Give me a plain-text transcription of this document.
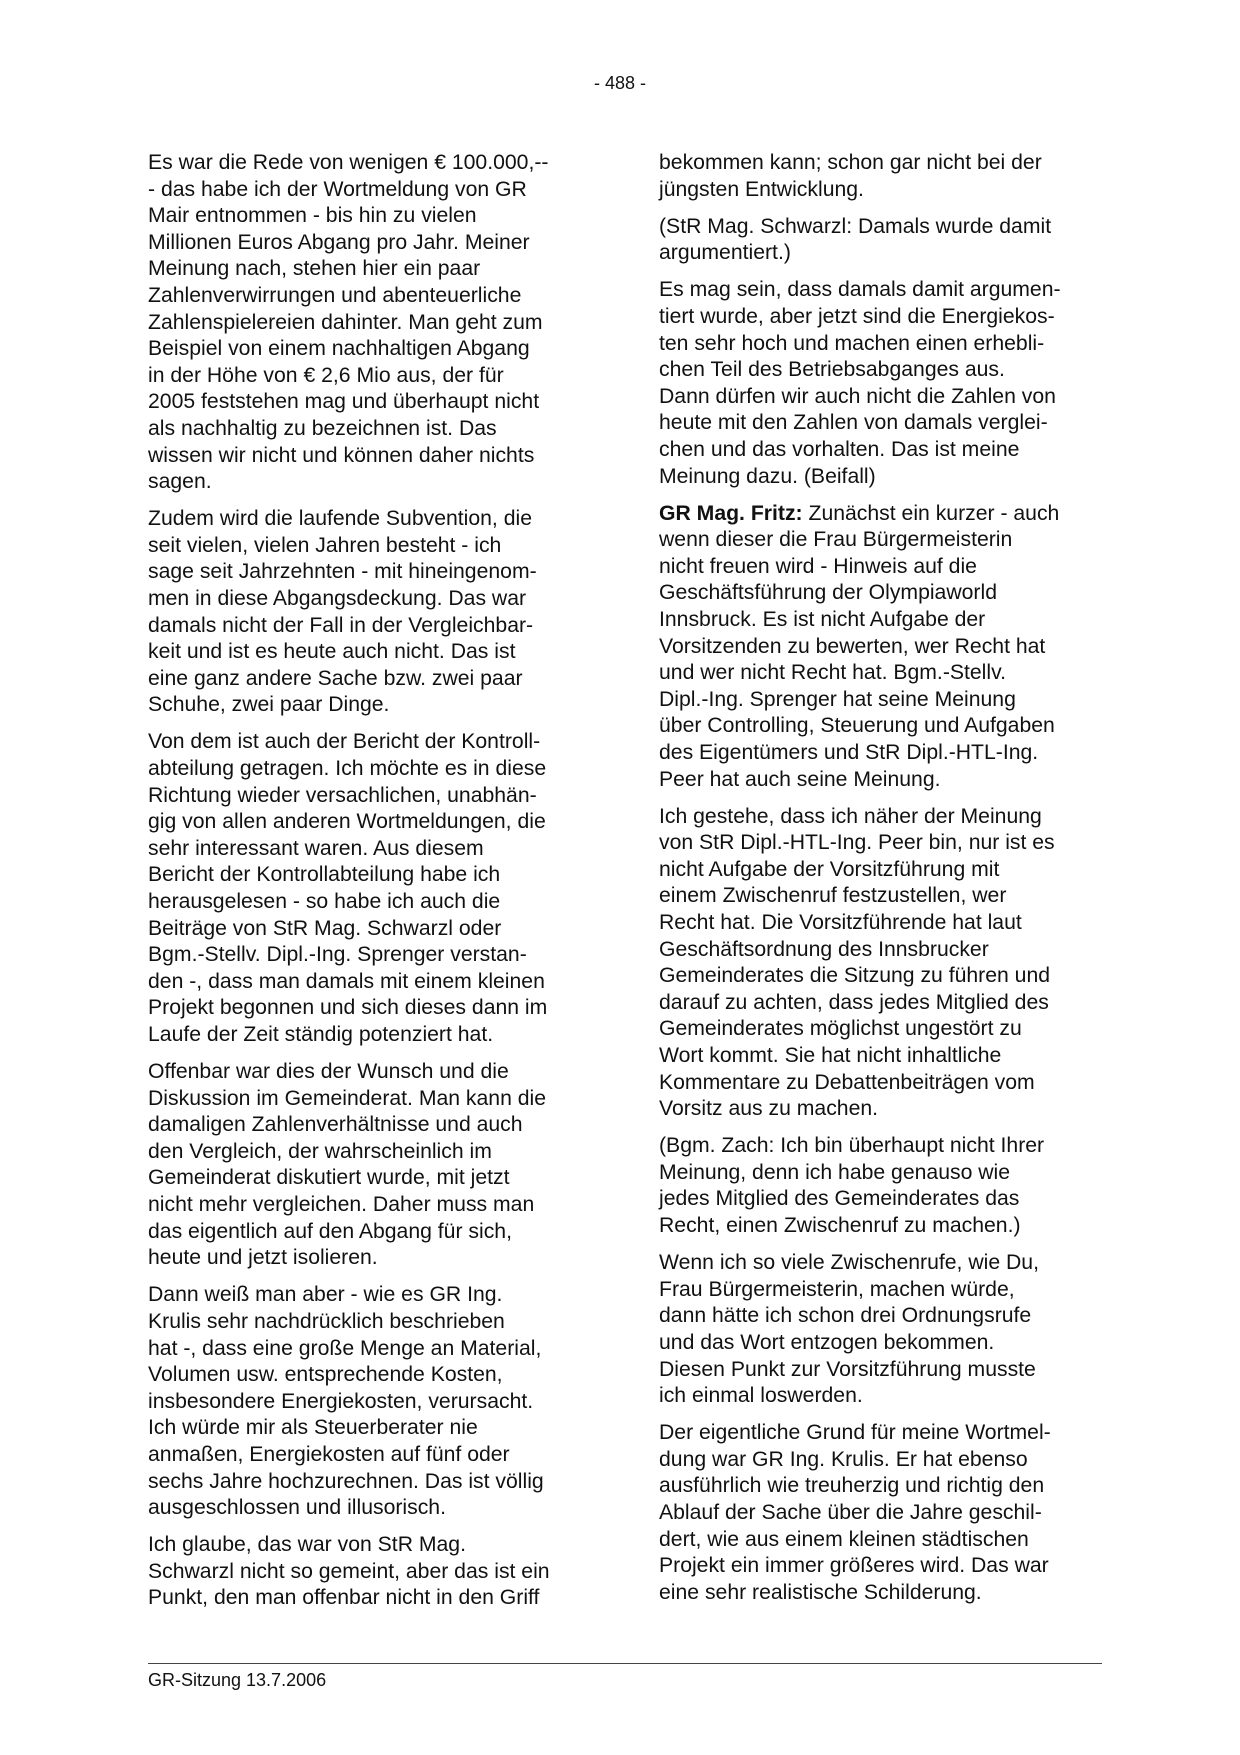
- 488 -

Es war die Rede von wenigen € 100.000,--
- das habe ich der Wortmeldung von GR
Mair entnommen - bis hin zu vielen
Millionen Euros Abgang pro Jahr. Meiner
Meinung nach, stehen hier ein paar
Zahlenverwirrungen und abenteuerliche
Zahlenspielereien dahinter. Man geht zum
Beispiel von einem nachhaltigen Abgang
in der Höhe von € 2,6 Mio aus, der für
2005 feststehen mag und überhaupt nicht
als nachhaltig zu bezeichnen ist. Das
wissen wir nicht und können daher nichts
sagen.

Zudem wird die laufende Subvention, die
seit vielen, vielen Jahren besteht - ich
sage seit Jahrzehnten - mit hineingenom-
men in diese Abgangsdeckung. Das war
damals nicht der Fall in der Vergleichbar-
keit und ist es heute auch nicht. Das ist
eine ganz andere Sache bzw. zwei paar
Schuhe, zwei paar Dinge.

Von dem ist auch der Bericht der Kontroll-
abteilung getragen. Ich möchte es in diese
Richtung wieder versachlichen, unabhän-
gig von allen anderen Wortmeldungen, die
sehr interessant waren. Aus diesem
Bericht der Kontrollabteilung habe ich
herausgelesen - so habe ich auch die
Beiträge von StR Mag. Schwarzl oder
Bgm.-Stellv. Dipl.-Ing. Sprenger verstan-
den -, dass man damals mit einem kleinen
Projekt begonnen und sich dieses dann im
Laufe der Zeit ständig potenziert hat.

Offenbar war dies der Wunsch und die
Diskussion im Gemeinderat. Man kann die
damaligen Zahlenverhältnisse und auch
den Vergleich, der wahrscheinlich im
Gemeinderat diskutiert wurde, mit jetzt
nicht mehr vergleichen. Daher muss man
das eigentlich auf den Abgang für sich,
heute und jetzt isolieren.

Dann weiß man aber - wie es GR Ing.
Krulis sehr nachdrücklich beschrieben
hat -, dass eine große Menge an Material,
Volumen usw. entsprechende Kosten,
insbesondere Energiekosten, verursacht.
Ich würde mir als Steuerberater nie
anmaßen, Energiekosten auf fünf oder
sechs Jahre hochzurechnen. Das ist völlig
ausgeschlossen und illusorisch.

Ich glaube, das war von StR Mag.
Schwarzl nicht so gemeint, aber das ist ein
Punkt, den man offenbar nicht in den Griff

bekommen kann; schon gar nicht bei der
jüngsten Entwicklung.

(StR Mag. Schwarzl: Damals wurde damit
argumentiert.)

Es mag sein, dass damals damit argumen-
tiert wurde, aber jetzt sind die Energiekos-
ten sehr hoch und machen einen erhebli-
chen Teil des Betriebsabganges aus.
Dann dürfen wir auch nicht die Zahlen von
heute mit den Zahlen von damals verglei-
chen und das vorhalten. Das ist meine
Meinung dazu. (Beifall)

GR Mag. Fritz: Zunächst ein kurzer - auch
wenn dieser die Frau Bürgermeisterin
nicht freuen wird - Hinweis auf die
Geschäftsführung der Olympiaworld
Innsbruck. Es ist nicht Aufgabe der
Vorsitzenden zu bewerten, wer Recht hat
und wer nicht Recht hat. Bgm.-Stellv.
Dipl.-Ing. Sprenger hat seine Meinung
über Controlling, Steuerung und Aufgaben
des Eigentümers und StR Dipl.-HTL-Ing.
Peer hat auch seine Meinung.

Ich gestehe, dass ich näher der Meinung
von StR Dipl.-HTL-Ing. Peer bin, nur ist es
nicht Aufgabe der Vorsitzführung mit
einem Zwischenruf festzustellen, wer
Recht hat. Die Vorsitzführende hat laut
Geschäftsordnung des Innsbrucker
Gemeinderates die Sitzung zu führen und
darauf zu achten, dass jedes Mitglied des
Gemeinderates möglichst ungestört zu
Wort kommt. Sie hat nicht inhaltliche
Kommentare zu Debattenbeiträgen vom
Vorsitz aus zu machen.

(Bgm. Zach: Ich bin überhaupt nicht Ihrer
Meinung, denn ich habe genauso wie
jedes Mitglied des Gemeinderates das
Recht, einen Zwischenruf zu machen.)

Wenn ich so viele Zwischenrufe, wie Du,
Frau Bürgermeisterin, machen würde,
dann hätte ich schon drei Ordnungsrufe
und das Wort entzogen bekommen.
Diesen Punkt zur Vorsitzführung musste
ich einmal loswerden.

Der eigentliche Grund für meine Wortmel-
dung war GR Ing. Krulis. Er hat ebenso
ausführlich wie treuherzig und richtig den
Ablauf der Sache über die Jahre geschil-
dert, wie aus einem kleinen städtischen
Projekt ein immer größeres wird. Das war
eine sehr realistische Schilderung.

GR-Sitzung 13.7.2006
